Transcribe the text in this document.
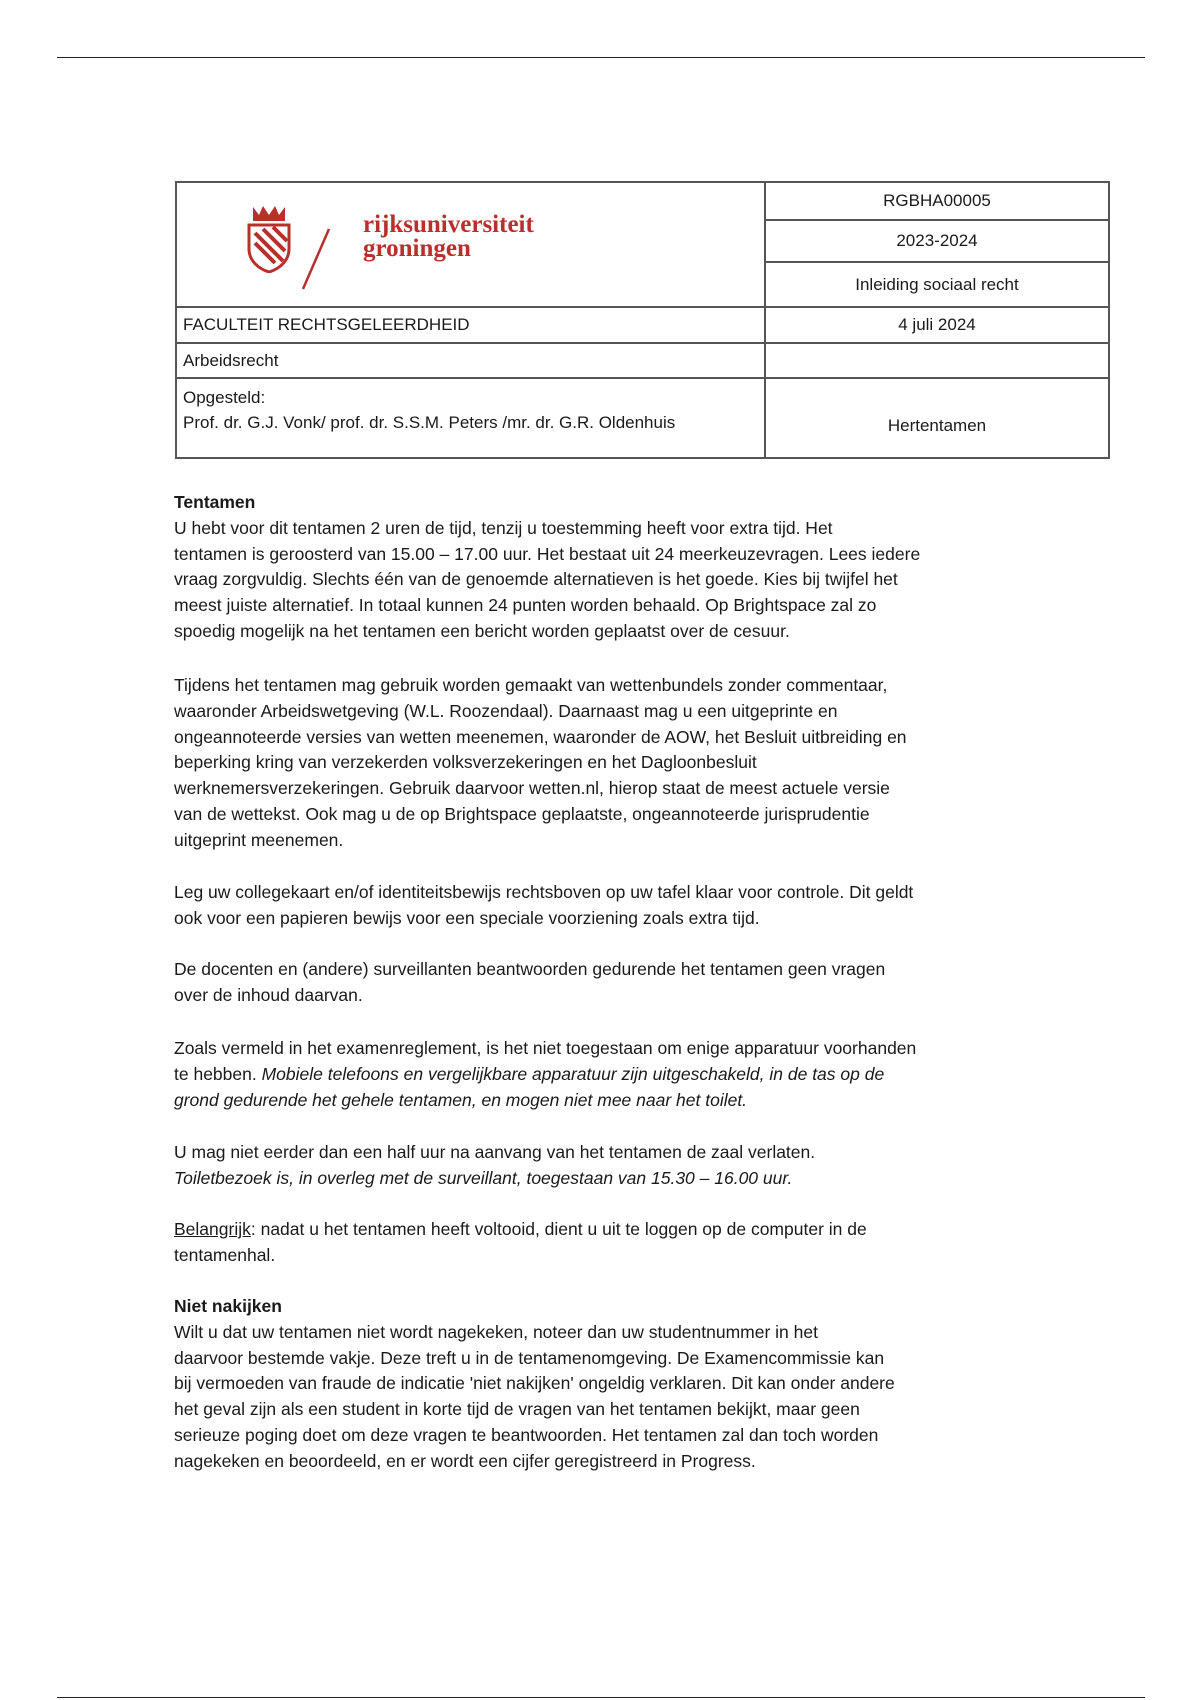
rijksuniversiteit
groningen	RGBHA00005
	2023-2024
	Inleiding sociaal recht
FACULTEIT RECHTSGELEERDHEID	4 juli 2024
Arbeidsrecht	

Opgesteld:
Prof. dr. G.J. Vonk/ prof. dr. S.S.M. Peters /mr. dr. G.R. Oldenhuis	Hertentamen
Tentamen
U hebt voor dit tentamen 2 uren de tijd, tenzij u toestemming heeft voor extra tijd. Het
tentamen is geroosterd van 15.00 – 17.00 uur. Het bestaat uit 24 meerkeuzevragen. Lees iedere
vraag zorgvuldig. Slechts één van de genoemde alternatieven is het goede. Kies bij twijfel het
meest juiste alternatief. In totaal kunnen 24 punten worden behaald. Op Brightspace zal zo
spoedig mogelijk na het tentamen een bericht worden geplaatst over de cesuur.
Tijdens het tentamen mag gebruik worden gemaakt van wettenbundels zonder commentaar,
waaronder Arbeidswetgeving (W.L. Roozendaal). Daarnaast mag u een uitgeprinte en
ongeannoteerde versies van wetten meenemen, waaronder de AOW, het Besluit uitbreiding en
beperking kring van verzekerden volksverzekeringen en het Dagloonbesluit
werknemersverzekeringen. Gebruik daarvoor wetten.nl, hierop staat de meest actuele versie
van de wettekst. Ook mag u de op Brightspace geplaatste, ongeannoteerde jurisprudentie
uitgeprint meenemen.
Leg uw collegekaart en/of identiteitsbewijs rechtsboven op uw tafel klaar voor controle. Dit geldt
ook voor een papieren bewijs voor een speciale voorziening zoals extra tijd.
De docenten en (andere) surveillanten beantwoorden gedurende het tentamen geen vragen
over de inhoud daarvan.
Zoals vermeld in het examenreglement, is het niet toegestaan om enige apparatuur voorhanden
te hebben. Mobiele telefoons en vergelijkbare apparatuur zijn uitgeschakeld, in de tas op de
grond gedurende het gehele tentamen, en mogen niet mee naar het toilet.
U mag niet eerder dan een half uur na aanvang van het tentamen de zaal verlaten.
Toiletbezoek is, in overleg met de surveillant, toegestaan van 15.30 – 16.00 uur.
Belangrijk: nadat u het tentamen heeft voltooid, dient u uit te loggen op de computer in de
tentamenhal.
Niet nakijken
Wilt u dat uw tentamen niet wordt nagekeken, noteer dan uw studentnummer in het
daarvoor bestemde vakje. Deze treft u in de tentamenomgeving. De Examencommissie kan
bij vermoeden van fraude de indicatie 'niet nakijken' ongeldig verklaren. Dit kan onder andere
het geval zijn als een student in korte tijd de vragen van het tentamen bekijkt, maar geen
serieuze poging doet om deze vragen te beantwoorden. Het tentamen zal dan toch worden
nagekeken en beoordeeld, en er wordt een cijfer geregistreerd in Progress.
